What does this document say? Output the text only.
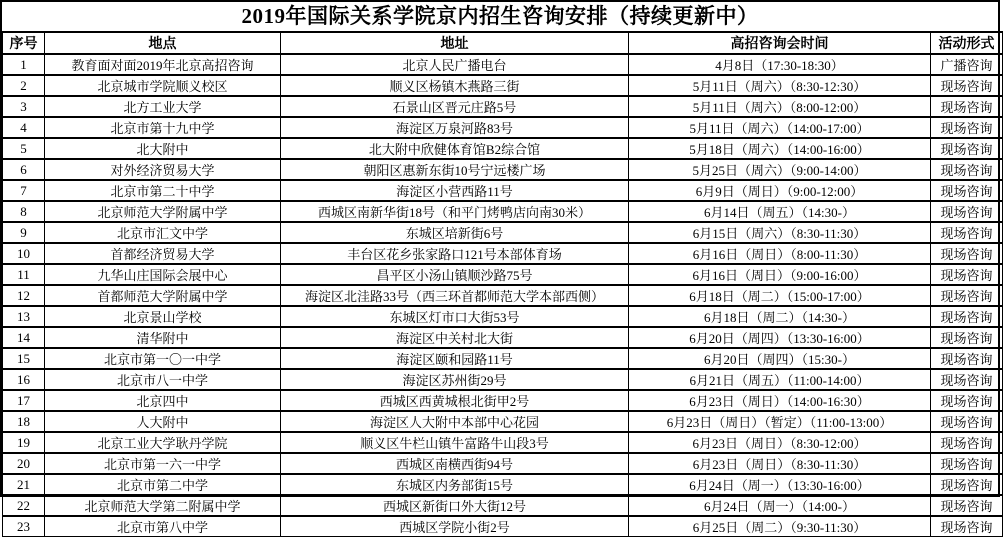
2019年国际关系学院京内招生咨询安排（持续更新中）
序号	地点	地址	高招咨询会时间	活动形式
1	教育面对面2019年北京高招咨询	北京人民广播电台	4月8日（17:30-18:30）	广播咨询
2	北京城市学院顺义校区	顺义区杨镇木燕路三街	5月11日（周六）（8:30-12:30）	现场咨询
3	北方工业大学	石景山区晋元庄路5号	5月11日（周六）（8:00-12:00）	现场咨询
4	北京市第十九中学	海淀区万泉河路83号	5月11日（周六）（14:00-17:00）	现场咨询
5	北大附中	北大附中欣健体育馆B2综合馆	5月18日（周六）（14:00-16:00）	现场咨询
6	对外经济贸易大学	朝阳区惠新东街10号宁远楼广场	5月25日（周六）（9:00-14:00）	现场咨询
7	北京市第二十中学	海淀区小营西路11号	6月9日（周日）（9:00-12:00）	现场咨询
8	北京师范大学附属中学	西城区南新华街18号（和平门烤鸭店向南30米）	6月14日（周五）（14:30-）	现场咨询
9	北京市汇文中学	东城区培新街6号	6月15日（周六）（8:30-11:30）	现场咨询
10	首都经济贸易大学	丰台区花乡张家路口121号本部体育场	6月16日（周日）（8:00-11:30）	现场咨询
11	九华山庄国际会展中心	昌平区小汤山镇顺沙路75号	6月16日（周日）（9:00-16:00）	现场咨询
12	首都师范大学附属中学	海淀区北洼路33号（西三环首都师范大学本部西侧）	6月18日（周二）（15:00-17:00）	现场咨询
13	北京景山学校	东城区灯市口大街53号	6月18日（周二）（14:30-）	现场咨询
14	清华附中	海淀区中关村北大街	6月20日（周四）（13:30-16:00）	现场咨询
15	北京市第一〇一中学	海淀区颐和园路11号	6月20日（周四）（15:30-）	现场咨询
16	北京市八一中学	海淀区苏州街29号	6月21日（周五）（11:00-14:00）	现场咨询
17	北京四中	西城区西黄城根北街甲2号	6月23日（周日）（14:00-16:30）	现场咨询
18	人大附中	海淀区人大附中本部中心花园	6月23日（周日）（暂定）（11:00-13:00）	现场咨询
19	北京工业大学耿丹学院	顺义区牛栏山镇牛富路牛山段3号	6月23日（周日）（8:30-12:00）	现场咨询
20	北京市第一六一中学	西城区南横西街94号	6月23日（周日）（8:30-11:30）	现场咨询
21	北京市第二中学	东城区内务部街15号	6月24日（周一）（13:30-16:00）	现场咨询
22	北京师范大学第二附属中学	西城区新街口外大街12号	6月24日（周一）（14:00-）	现场咨询
23	北京市第八中学	西城区学院小街2号	6月25日（周二）（9:30-11:30）	现场咨询
